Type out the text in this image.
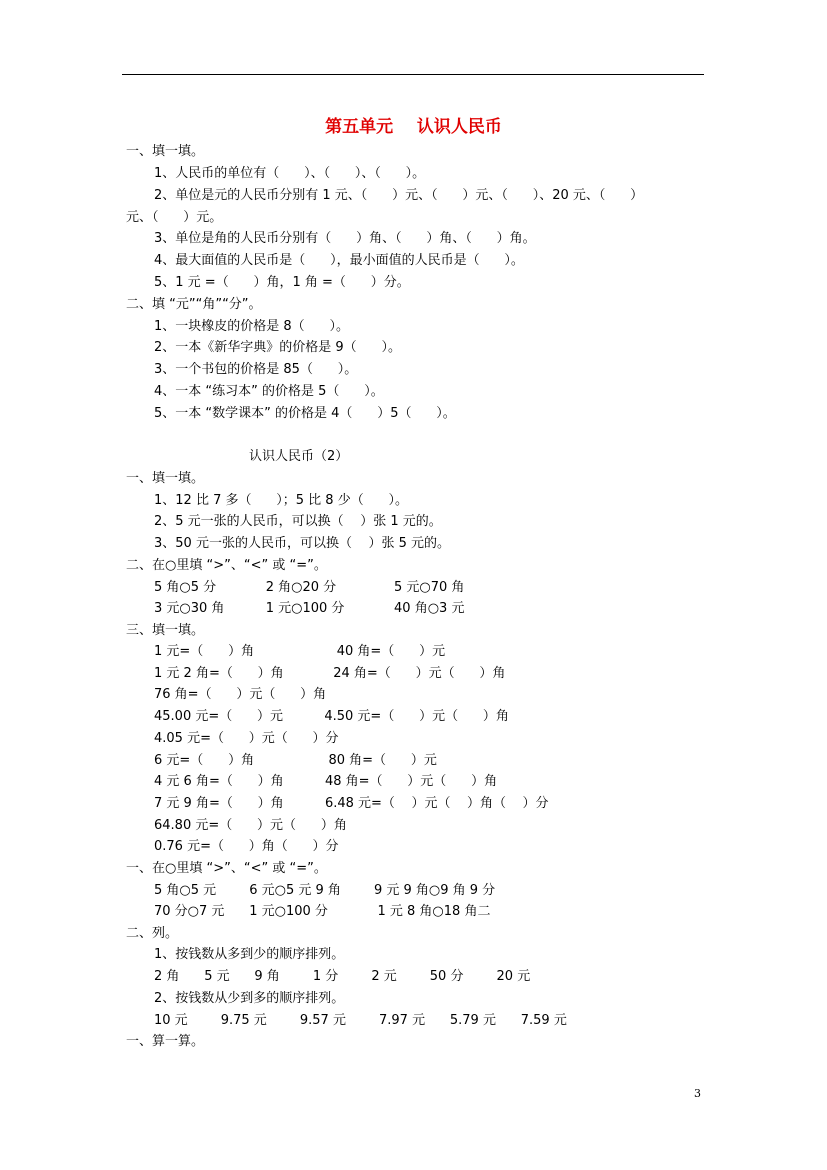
第五单元    认识人民币
一、填一填。
1、人民币的单位有（      ）、（      ）、（      ）。
2、单位是元的人民币分别有 1 元、（      ）元、（      ）元、（      ）、20 元、（      ）
元、（      ）元。
3、单位是角的人民币分别有（      ）角、（      ）角、（      ）角。
4、最大面值的人民币是（      ），最小面值的人民币是（      ）。
5、1 元 =（      ）角，1 角 =（      ）分。
二、填 “元”“角”“分”。
1、一块橡皮的价格是 8（      ）。
2、一本《新华字典》的价格是 9（      ）。
3、一个书包的价格是 85（      ）。
4、一本 “练习本” 的价格是 5（      ）。
5、一本 “数学课本” 的价格是 4（      ）5（      ）。
认识人民币（2）
一、填一填。
1、12 比 7 多（      ）；5 比 8 少（      ）。
2、5 元一张的人民币，可以换（    ）张 1 元的。
3、50 元一张的人民币，可以换（    ）张 5 元的。
二、在○里填 “>”、“<” 或 “=”。
5 角○5 分            2 角○20 分              5 元○70 角
3 元○30 角          1 元○100 分            40 角○3 元
三、填一填。
1 元=（      ）角                    40 角=（      ）元
1 元 2 角=（      ）角            24 角=（      ）元（      ）角
76 角=（      ）元（      ）角
45.00 元=（      ）元          4.50 元=（      ）元（      ）角
4.05 元=（      ）元（      ）分
6 元=（      ）角                  80 角=（      ）元
4 元 6 角=（      ）角          48 角=（      ）元（      ）角
7 元 9 角=（      ）角          6.48 元=（    ）元（    ）角（    ）分
64.80 元=（      ）元（      ）角
0.76 元=（      ）角（      ）分
一、在○里填 “>”、“<” 或 “=”。
5 角○5 元        6 元○5 元 9 角        9 元 9 角○9 角 9 分
70 分○7 元      1 元○100 分            1 元 8 角○18 角二
二、列。
1、按钱数从多到少的顺序排列。
2 角      5 元      9 角        1 分        2 元        50 分        20 元
2、按钱数从少到多的顺序排列。
10 元        9.75 元        9.57 元        7.97 元      5.79 元      7.59 元
一、算一算。
3
